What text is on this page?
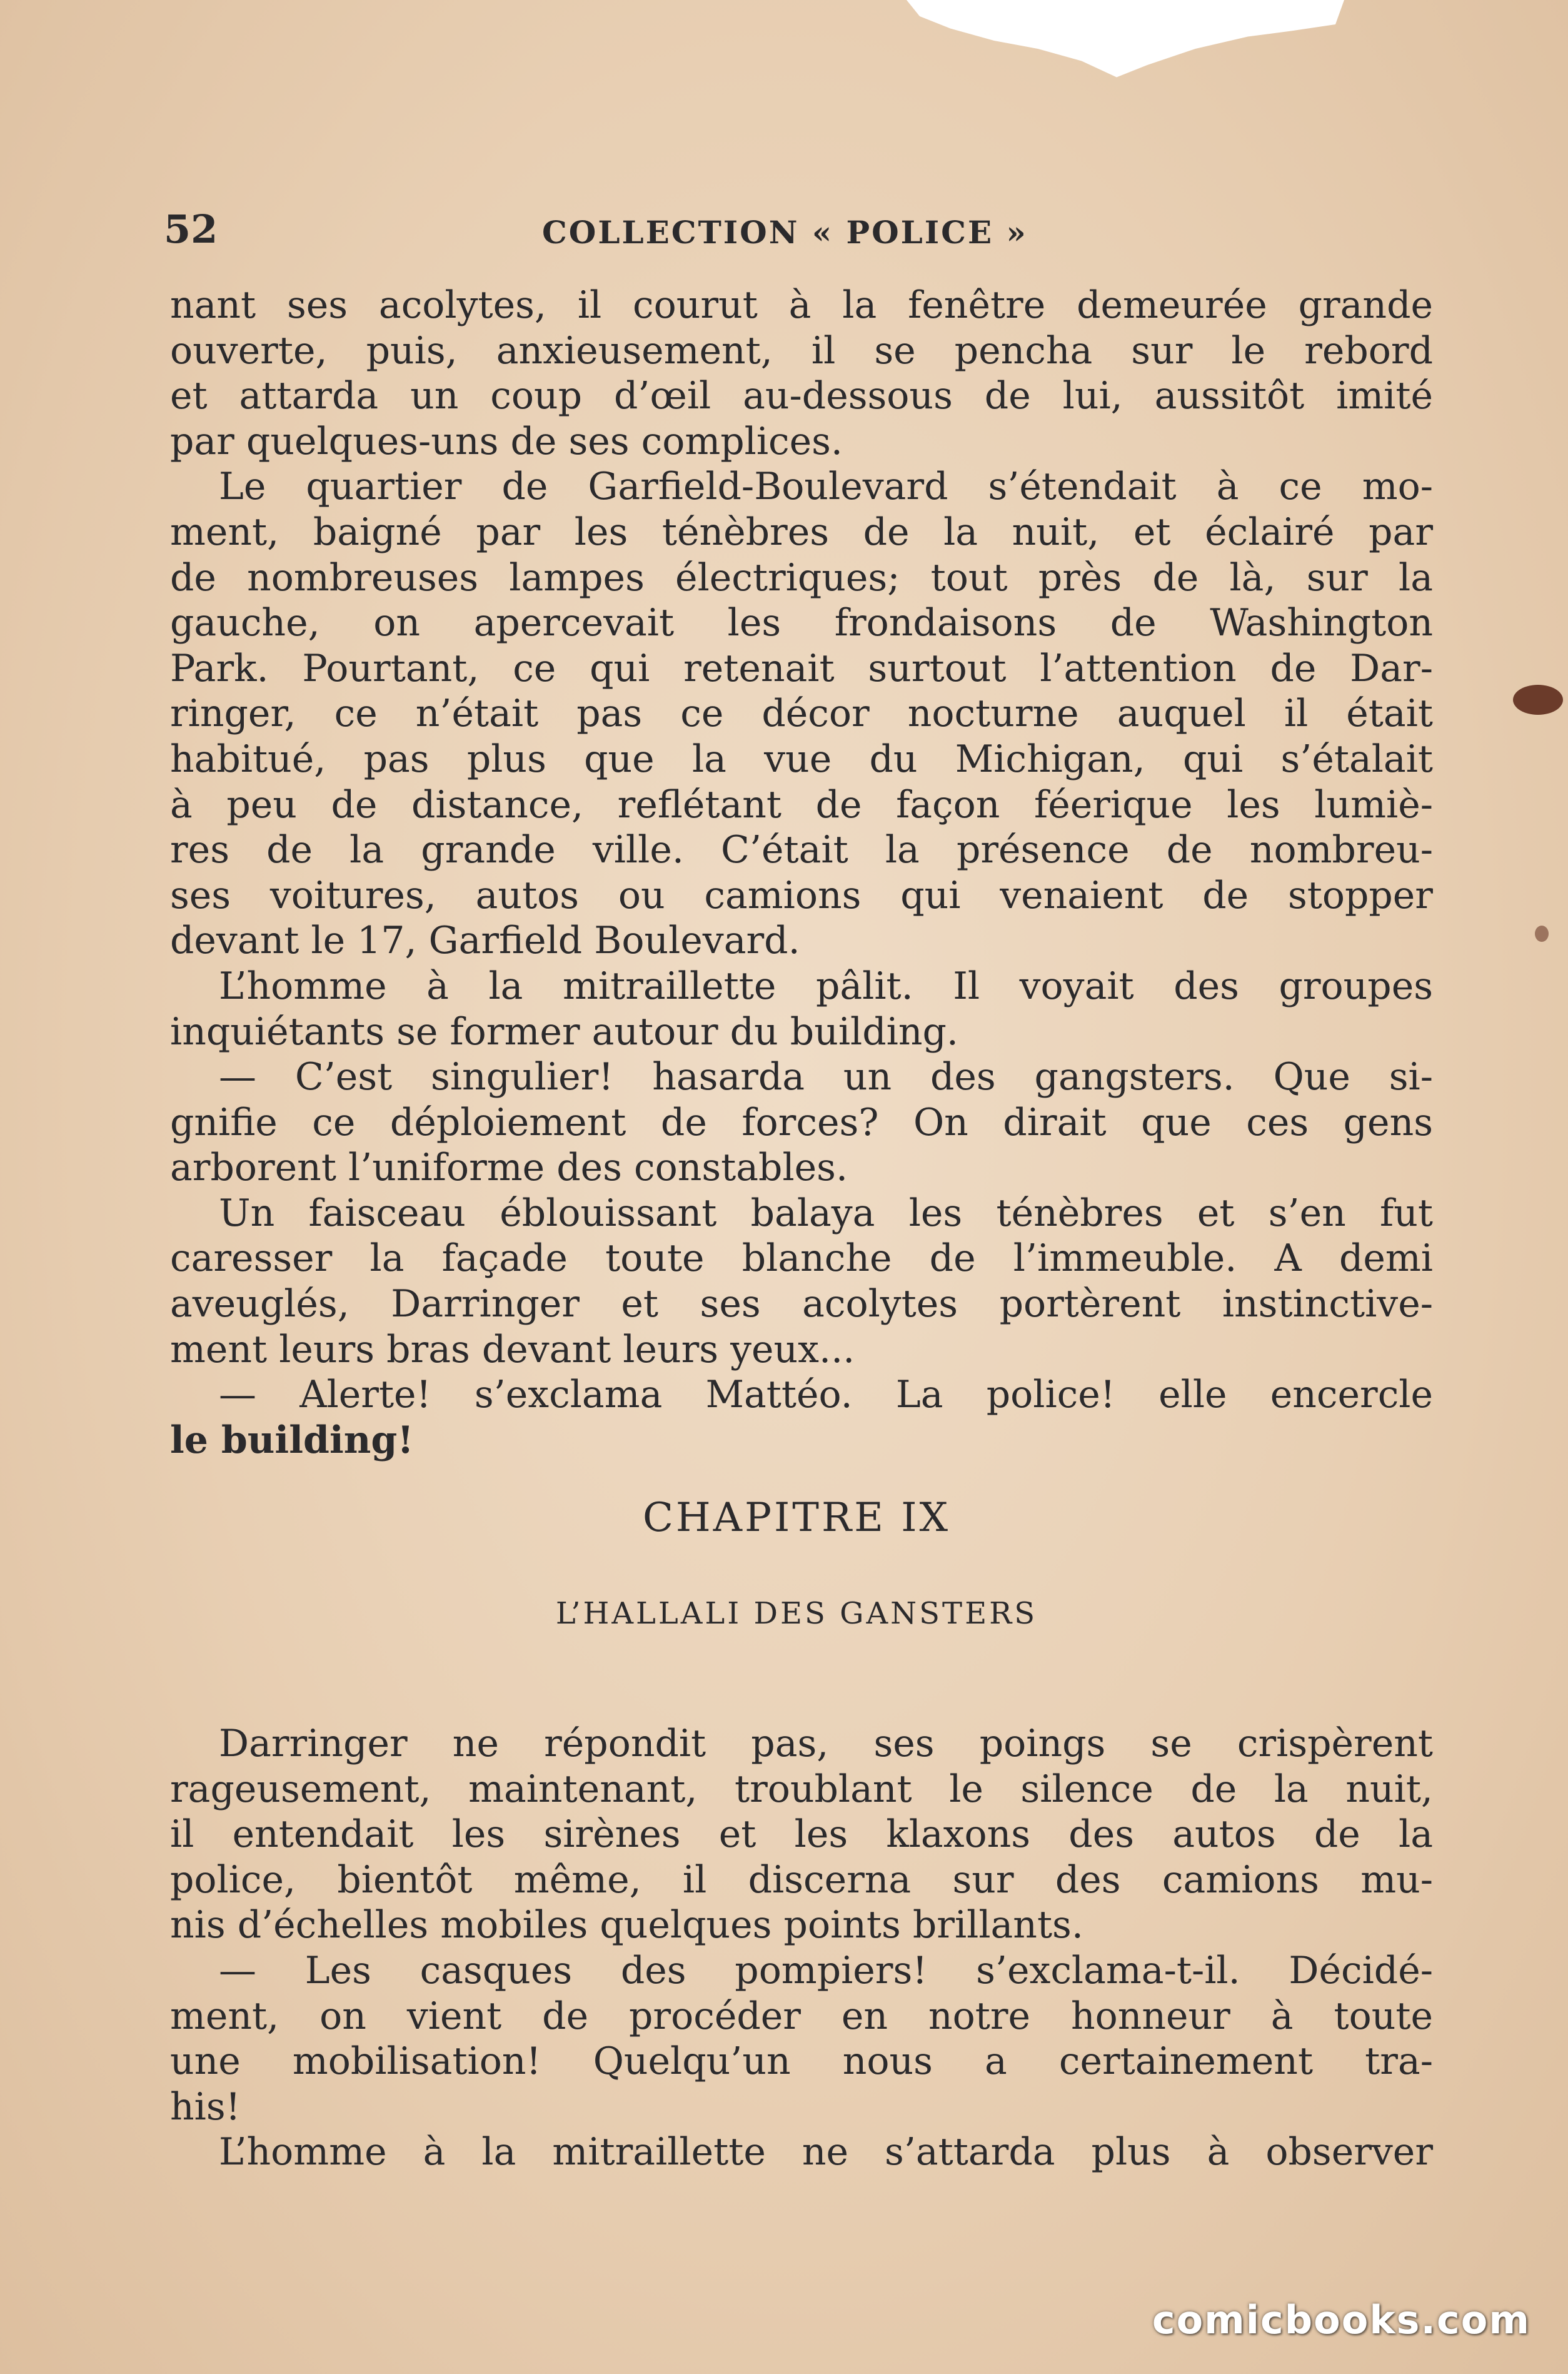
52	COLLECTION « POLICE »
nant ses acolytes, il courut à la fenêtre demeurée grande
ouverte, puis, anxieusement, il se pencha sur le rebord
et attarda un coup d’œil au-dessous de lui, aussitôt imité
par quelques-uns de ses complices.
Le quartier de Garfield-Boulevard s’étendait à ce mo-
ment, baigné par les ténèbres de la nuit, et éclairé par
de nombreuses lampes électriques; tout près de là, sur la
gauche, on apercevait les frondaisons de Washington
Park. Pourtant, ce qui retenait surtout l’attention de Dar-
ringer, ce n’était pas ce décor nocturne auquel il était
habitué, pas plus que la vue du Michigan, qui s’étalait
à peu de distance, reflétant de façon féerique les lumiè-
res de la grande ville. C’était la présence de nombreu-
ses voitures, autos ou camions qui venaient de stopper
devant le 17, Garfield Boulevard.
L’homme à la mitraillette pâlit. Il voyait des groupes
inquiétants se former autour du building.
— C’est singulier! hasarda un des gangsters. Que si-
gnifie ce déploiement de forces? On dirait que ces gens
arborent l’uniforme des constables.
Un faisceau éblouissant balaya les ténèbres et s’en fut
caresser la façade toute blanche de l’immeuble. A demi
aveuglés, Darringer et ses acolytes portèrent instinctive-
ment leurs bras devant leurs yeux...
— Alerte! s’exclama Mattéo. La police! elle encercle
le building!
CHAPITRE IX
L’HALLALI DES GANSTERS
Darringer ne répondit pas, ses poings se crispèrent
rageusement, maintenant, troublant le silence de la nuit,
il entendait les sirènes et les klaxons des autos de la
police, bientôt même, il discerna sur des camions mu-
nis d’échelles mobiles quelques points brillants.
— Les casques des pompiers! s’exclama-t-il. Décidé-
ment, on vient de procéder en notre honneur à toute
une mobilisation! Quelqu’un nous a certainement tra-
his!
L’homme à la mitraillette ne s’attarda plus à observer
comicbooks.com
